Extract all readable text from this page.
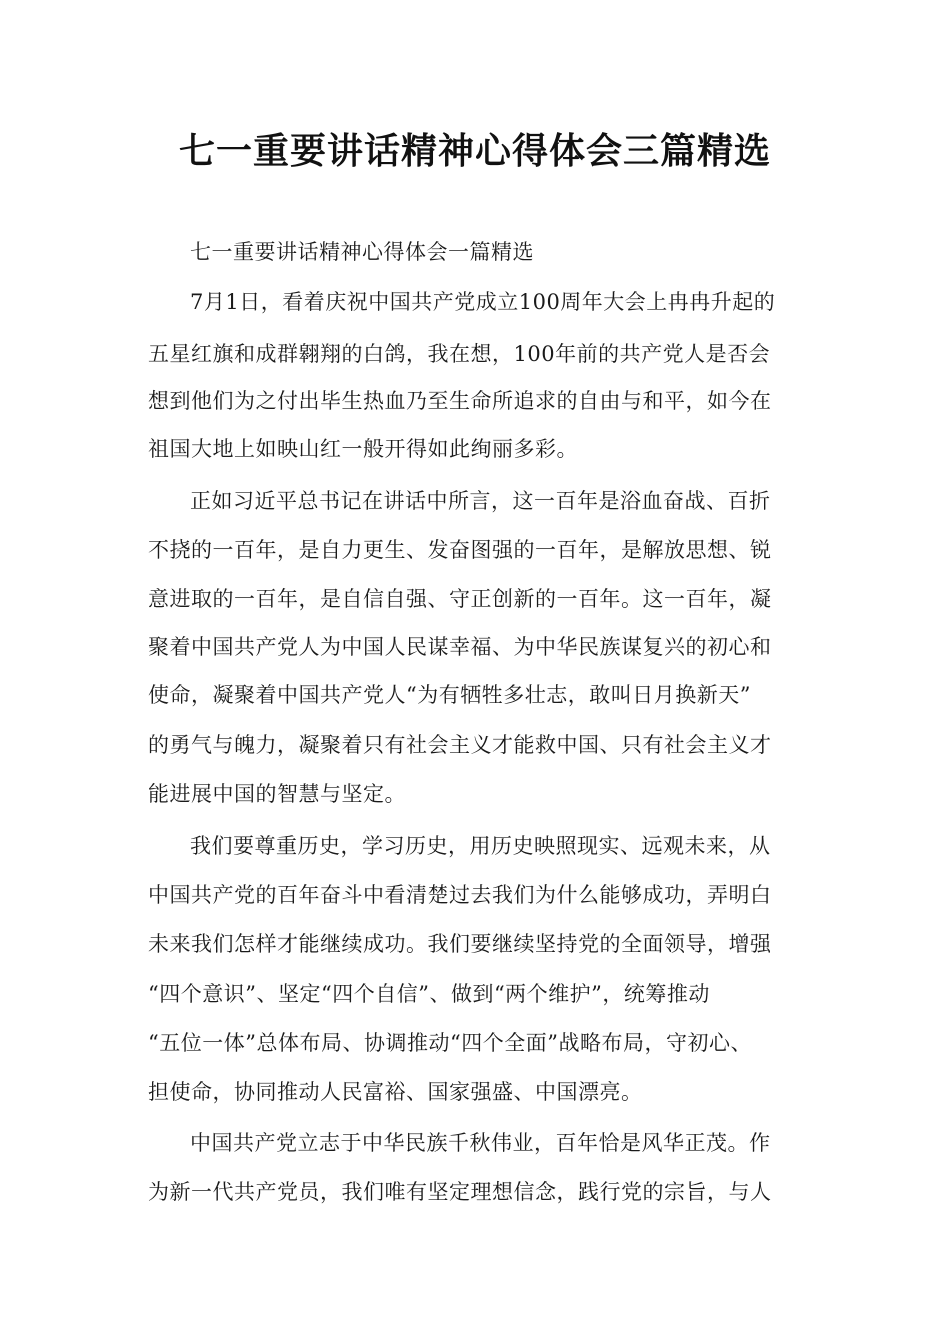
七一重要讲话精神心得体会三篇精选

七一重要讲话精神心得体会一篇精选

7月1日，看着庆祝中国共产党成立100周年大会上冉冉升起的

五星红旗和成群翱翔的白鸽，我在想，100年前的共产党人是否会

想到他们为之付出毕生热血乃至生命所追求的自由与和平，如今在

祖国大地上如映山红一般开得如此绚丽多彩。

正如习近平总书记在讲话中所言，这一百年是浴血奋战、百折

不挠的一百年，是自力更生、发奋图强的一百年，是解放思想、锐

意进取的一百年，是自信自强、守正创新的一百年。这一百年，凝

聚着中国共产党人为中国人民谋幸福、为中华民族谋复兴的初心和

使命，凝聚着中国共产党人“为有牺牲多壮志，敢叫日月换新天”

的勇气与魄力，凝聚着只有社会主义才能救中国、只有社会主义才

能进展中国的智慧与坚定。

我们要尊重历史，学习历史，用历史映照现实、远观未来，从

中国共产党的百年奋斗中看清楚过去我们为什么能够成功，弄明白

未来我们怎样才能继续成功。我们要继续坚持党的全面领导，增强

“四个意识”、坚定“四个自信”、做到“两个维护”，统筹推动

“五位一体”总体布局、协调推动“四个全面”战略布局，守初心、

担使命，协同推动人民富裕、国家强盛、中国漂亮。

中国共产党立志于中华民族千秋伟业，百年恰是风华正茂。作

为新一代共产党员，我们唯有坚定理想信念，践行党的宗旨，与人
